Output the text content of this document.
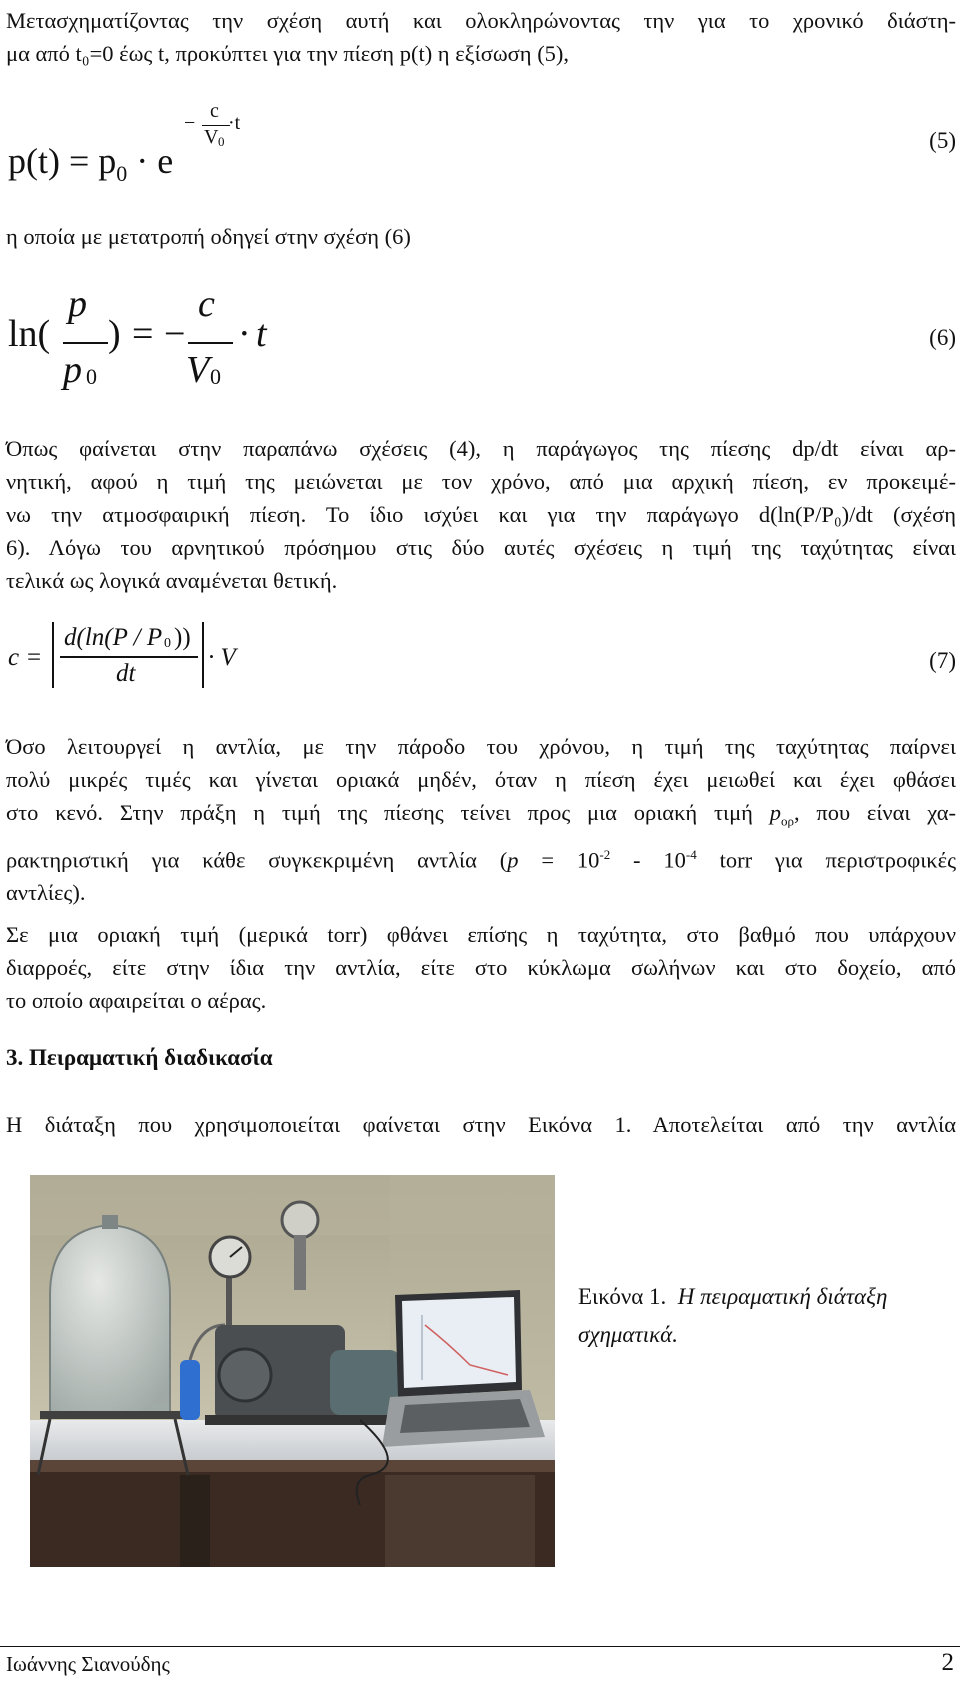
Μετασχηματίζοντας την σχέση αυτή και ολοκληρώνοντας την για το χρονικό διάστη-
μα από t₀=0 έως t, προκύπτει για την πίεση p(t) η εξίσωση (5),
$p(t) = p_0 \cdot e$
−
c
V 0
·t
(5)
η οποία με μετατροπή οδηγεί στην σχέση (6)
ln(
p
p 0
) = −
c
V 0
· t	(6)
Όπως φαίνεται στην παραπάνω σχέσεις (4), η παράγωγος της πίεσης dp/dt είναι αρ-
νητική, αφού η τιμή της μειώνεται με τον χρόνο, από μια αρχική πίεση, εν προκειμέ-
νω την ατμοσφαιρική πίεση. Το ίδιο ισχύει και για την παράγωγο d(ln(P/P₀)/dt (σχέση
6). Λόγω του αρνητικού πρόσημου στις δύο αυτές σχέσεις η τιμή της ταχύτητας είναι
τελικά ως λογικά αναμένεται θετική.
c =
d(ln(P / P 0 ))
dt
· V	(7)
Όσο λειτουργεί η αντλία, με την πάροδο του χρόνου, η τιμή της ταχύτητας παίρνει
πολύ μικρές τιμές και γίνεται οριακά μηδέν, όταν η πίεση έχει μειωθεί και έχει φθάσει
στο κενό. Στην πράξη η τιμή της πίεσης τείνει προς μια οριακή τιμή $p_{o\rho}$, που είναι χα-
ρακτηριστική για κάθε συγκεκριμένη αντλία ($p = 10^{-2} - 10^{-4}$ torr για περιστροφικές
αντλίες).
Σε μια οριακή τιμή (μερικά torr) φθάνει επίσης η ταχύτητα, στο βαθμό που υπάρχουν
διαρροές, είτε στην ίδια την αντλία, είτε στο κύκλωμα σωλήνων και στο δοχείο, από
το οποίο αφαιρείται ο αέρας.
3. Πειραματική διαδικασία
Η διάταξη που χρησιμοποιείται φαίνεται στην Εικόνα 1. Αποτελείται από την αντλία
Εικόνα 1. Η πειραματική διάταξη
σχηματικά.
Ιωάννης Σιανούδης	2
